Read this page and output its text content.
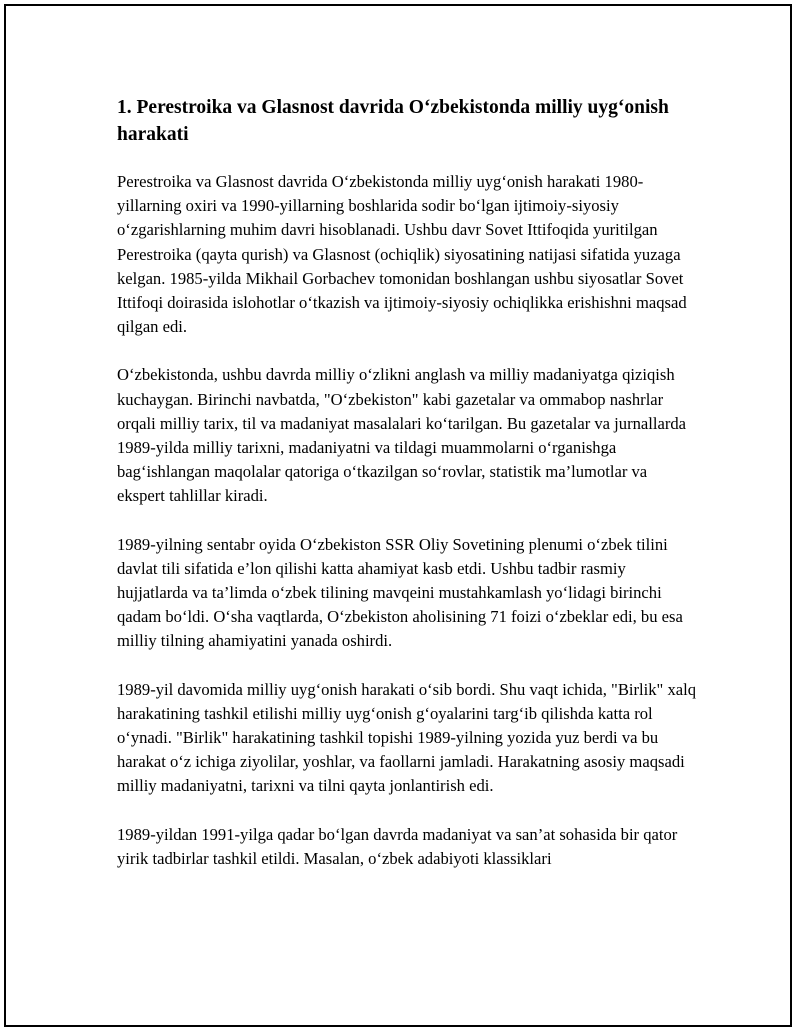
1. Perestroika va Glasnost davrida O‘zbekistonda milliy uyg‘onish harakati

Perestroika va Glasnost davrida O‘zbekistonda milliy uyg‘onish harakati 1980-yillarning oxiri va 1990-yillarning boshlarida sodir bo‘lgan ijtimoiy-siyosiy o‘zgarishlarning muhim davri hisoblanadi. Ushbu davr Sovet Ittifoqida yuritilgan Perestroika (qayta qurish) va Glasnost (ochiqlik) siyosatining natijasi sifatida yuzaga kelgan. 1985-yilda Mikhail Gorbachev tomonidan boshlangan ushbu siyosatlar Sovet Ittifoqi doirasida islohotlar o‘tkazish va ijtimoiy-siyosiy ochiqlikka erishishni maqsad qilgan edi.

O‘zbekistonda, ushbu davrda milliy o‘zlikni anglash va milliy madaniyatga qiziqish kuchaygan. Birinchi navbatda, "O‘zbekiston" kabi gazetalar va ommabop nashrlar orqali milliy tarix, til va madaniyat masalalari ko‘tarilgan. Bu gazetalar va jurnallarda 1989-yilda milliy tarixni, madaniyatni va tildagi muammolarni o‘rganishga bag‘ishlangan maqolalar qatoriga o‘tkazilgan so‘rovlar, statistik ma’lumotlar va ekspert tahlillar kiradi.

1989-yilning sentabr oyida O‘zbekiston SSR Oliy Sovetining plenumi o‘zbek tilini davlat tili sifatida e’lon qilishi katta ahamiyat kasb etdi. Ushbu tadbir rasmiy hujjatlarda va ta’limda o‘zbek tilining mavqeini mustahkamlash yo‘lidagi birinchi qadam bo‘ldi. O‘sha vaqtlarda, O‘zbekiston aholisining 71 foizi o‘zbeklar edi, bu esa milliy tilning ahamiyatini yanada oshirdi.

1989-yil davomida milliy uyg‘onish harakati o‘sib bordi. Shu vaqt ichida, "Birlik" xalq harakatining tashkil etilishi milliy uyg‘onish g‘oyalarini targ‘ib qilishda katta rol o‘ynadi. "Birlik" harakatining tashkil topishi 1989-yilning yozida yuz berdi va bu harakat o‘z ichiga ziyolilar, yoshlar, va faollarni jamladi. Harakatning asosiy maqsadi milliy madaniyatni, tarixni va tilni qayta jonlantirish edi.

1989-yildan 1991-yilga qadar bo‘lgan davrda madaniyat va san’at sohasida bir qator yirik tadbirlar tashkil etildi. Masalan, o‘zbek adabiyoti klassiklari
